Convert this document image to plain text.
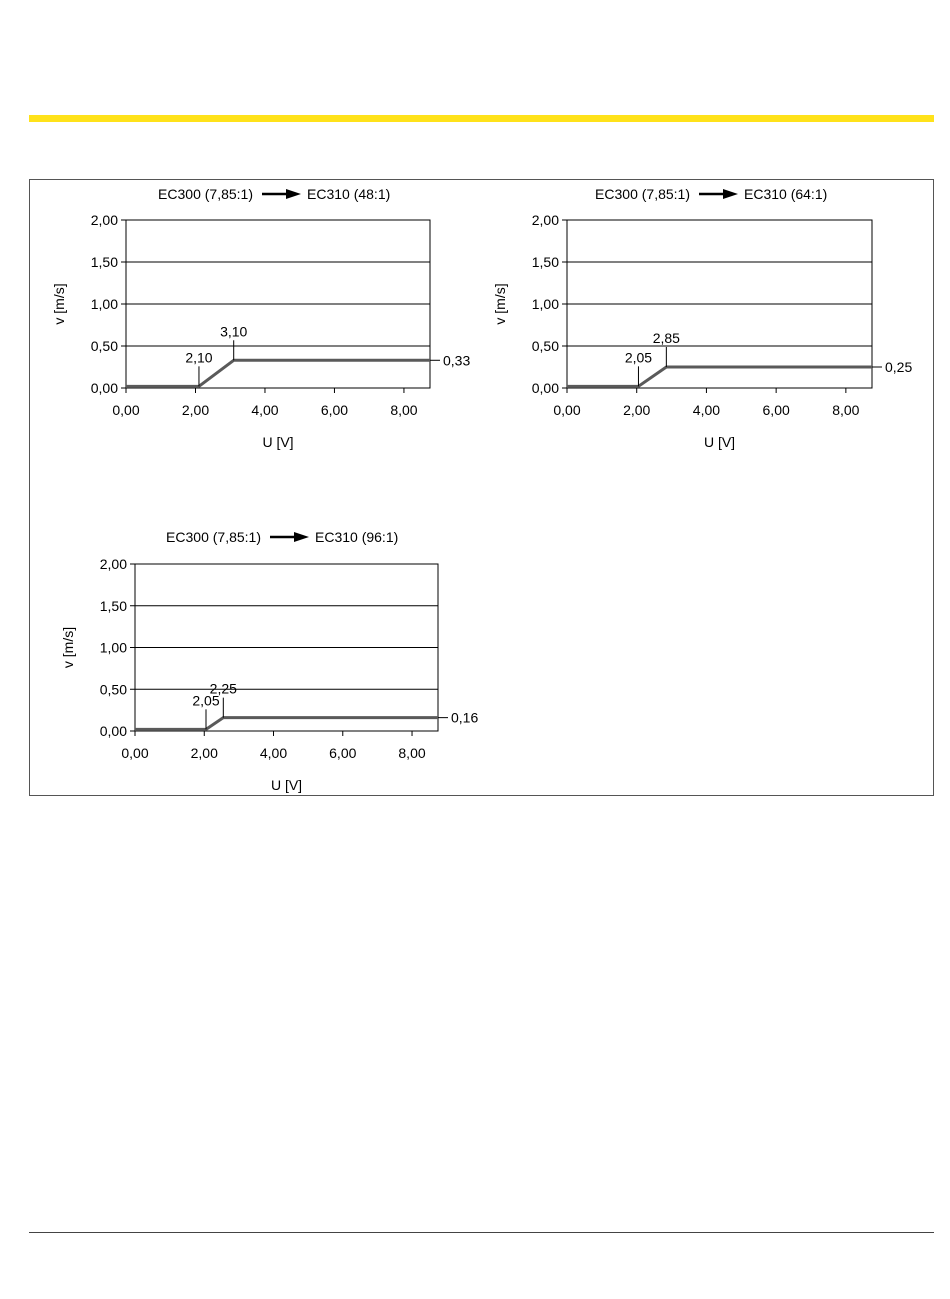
0,00
0,50
1,00
1,50
2,00
0,00	2,00	4,00	6,00	8,00
U [V]
v [m/s]
EC300 (7,85:1)	EC310 (48:1)
2,10
3,10
0,33
0,00
0,50
1,00
1,50
2,00
0,00	2,00	4,00	6,00	8,00
U [V]
v [m/s]
EC300 (7,85:1)	EC310 (64:1)
2,05
2,85
0,25
0,00
0,50
1,00
1,50
2,00
0,00	2,00	4,00	6,00	8,00
U [V]
v [m/s]
EC300 (7,85:1)	EC310 (96:1)
2,05
2,25
0,16
